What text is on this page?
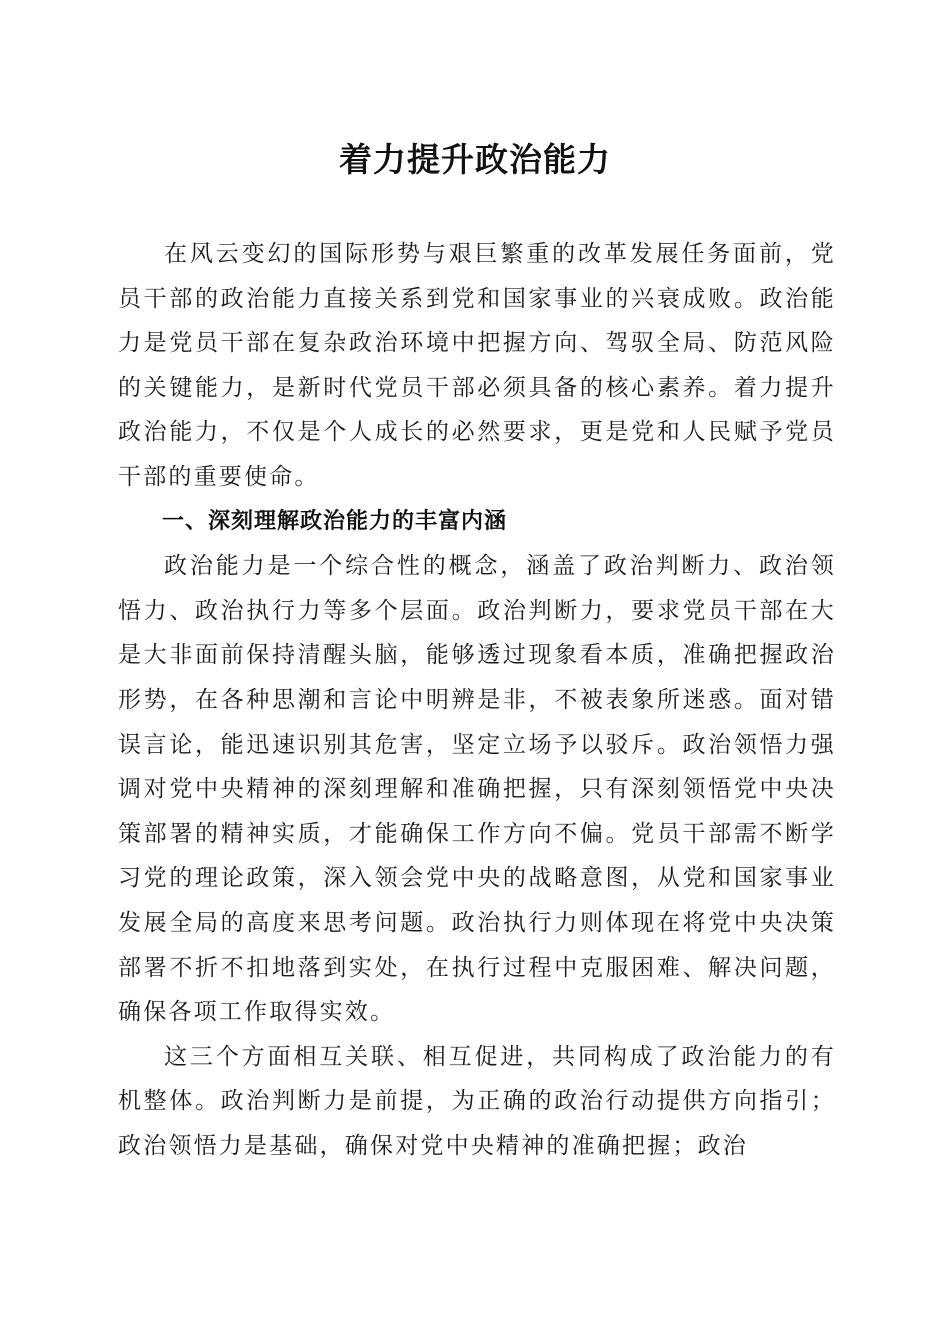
着力提升政治能力

在风云变幻的国际形势与艰巨繁重的改革发展任务面前，党员干部的政治能力直接关系到党和国家事业的兴衰成败。政治能力是党员干部在复杂政治环境中把握方向、驾驭全局、防范风险的关键能力，是新时代党员干部必须具备的核心素养。着力提升政治能力，不仅是个人成长的必然要求，更是党和人民赋予党员干部的重要使命。

一、深刻理解政治能力的丰富内涵

政治能力是一个综合性的概念，涵盖了政治判断力、政治领悟力、政治执行力等多个层面。政治判断力，要求党员干部在大是大非面前保持清醒头脑，能够透过现象看本质，准确把握政治形势，在各种思潮和言论中明辨是非，不被表象所迷惑。面对错误言论，能迅速识别其危害，坚定立场予以驳斥。政治领悟力强调对党中央精神的深刻理解和准确把握，只有深刻领悟党中央决策部署的精神实质，才能确保工作方向不偏。党员干部需不断学习党的理论政策，深入领会党中央的战略意图，从党和国家事业发展全局的高度来思考问题。政治执行力则体现在将党中央决策部署不折不扣地落到实处，在执行过程中克服困难、解决问题，确保各项工作取得实效。

这三个方面相互关联、相互促进，共同构成了政治能力的有机整体。政治判断力是前提，为正确的政治行动提供方向指引；政治领悟力是基础，确保对党中央精神的准确把握；政治
